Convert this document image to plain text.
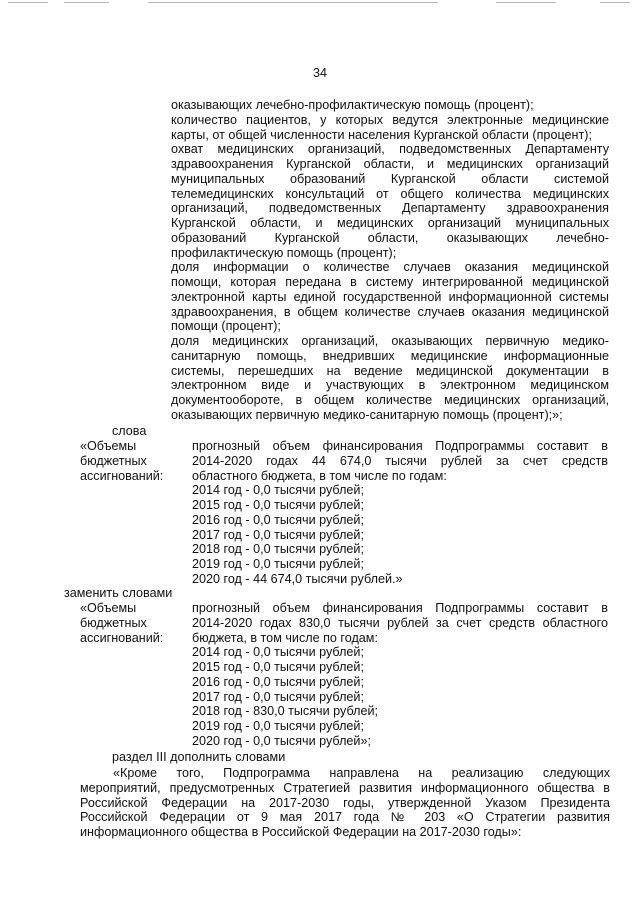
34

оказывающих лечебно-профилактическую помощь (процент);

количество пациентов, у которых ведутся электронные медицинские

карты, от общей численности населения Курганской области (процент);

охват медицинских организаций, подведомственных Департаменту

здравоохранения Курганской области, и медицинских организаций

муниципальных образований Курганской области системой

телемедицинских консультаций от общего количества медицинских

организаций, подведомственных Департаменту здравоохранения

Курганской области, и медицинских организаций муниципальных

образований Курганской области, оказывающих лечебно-

профилактическую помощь (процент);

доля информации о количестве случаев оказания медицинской

помощи, которая передана в систему интегрированной медицинской

электронной карты единой государственной информационной системы

здравоохранения, в общем количестве случаев оказания медицинской

помощи (процент);

доля медицинских организаций, оказывающих первичную медико-

санитарную помощь, внедривших медицинские информационные

системы, перешедших на ведение медицинской документации в

электронном виде и участвующих в электронном медицинском

документообороте, в общем количестве медицинских организаций,

оказывающих первичную медико-санитарную помощь (процент);»;

слова
«Объемы
бюджетных
ассигнований:

прогнозный объем финансирования Подпрограммы составит в

2014-2020 годах 44 674,0 тысячи рублей за счет средств

областного бюджета, в том числе по годам:

2014 год - 0,0 тысячи рублей;
2015 год - 0,0 тысячи рублей;
2016 год - 0,0 тысячи рублей;
2017 год - 0,0 тысячи рублей;
2018 год - 0,0 тысячи рублей;
2019 год - 0,0 тысячи рублей;
2020 год - 44 674,0 тысячи рублей.»
заменить словами
«Объемы
бюджетных
ассигнований:

прогнозный объем финансирования Подпрограммы составит в

2014-2020 годах 830,0 тысячи рублей за счет средств областного

бюджета, в том числе по годам:

2014 год - 0,0 тысячи рублей;
2015 год - 0,0 тысячи рублей;
2016 год - 0,0 тысячи рублей;
2017 год - 0,0 тысячи рублей;
2018 год - 830,0 тысячи рублей;
2019 год - 0,0 тысячи рублей;
2020 год - 0,0 тысячи рублей»;
раздел III дополнить словами

«Кроме того, Подпрограмма направлена на реализацию следующих

мероприятий, предусмотренных Стратегией развития информационного общества в

Российской Федерации на 2017-2030 годы, утвержденной Указом Президента

Российской Федерации от 9 мая 2017 года № 203 «О Стратегии развития

информационного общества в Российской Федерации на 2017-2030 годы»:
